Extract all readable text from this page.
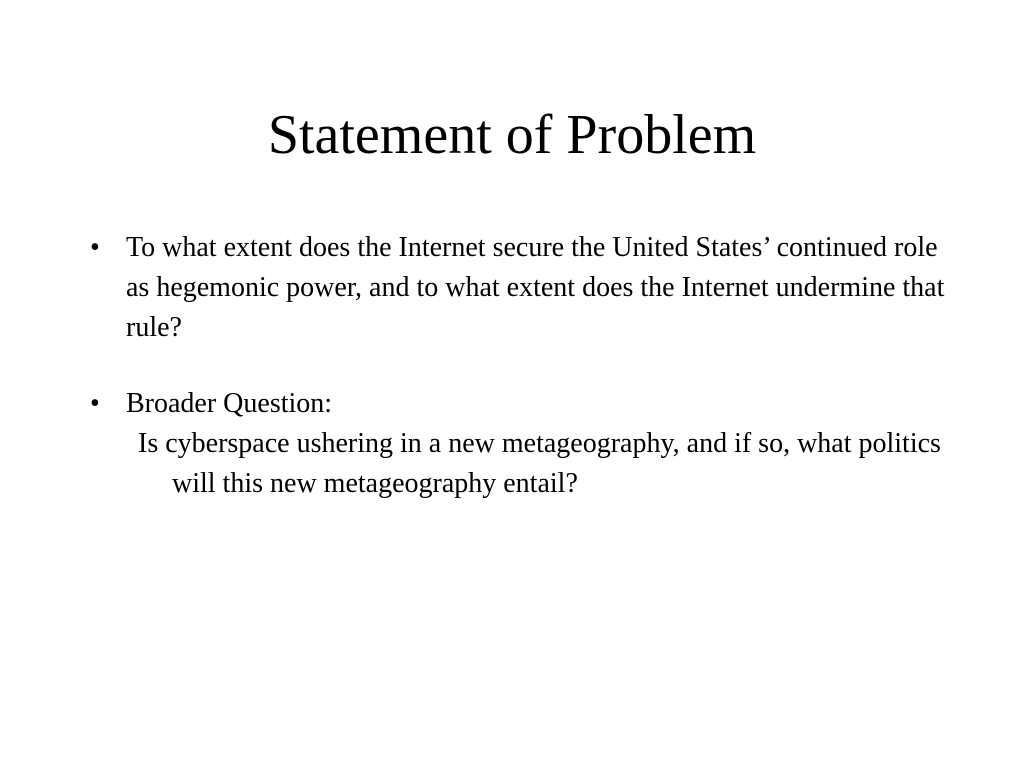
Statement of Problem
• To what extent does the Internet secure the United States’ continued role as hegemonic power, and to what extent does the Internet undermine that rule?
• Broader Question:

Is cyberspace ushering in a new metageography, and if so, what politics will this new metageography entail?
